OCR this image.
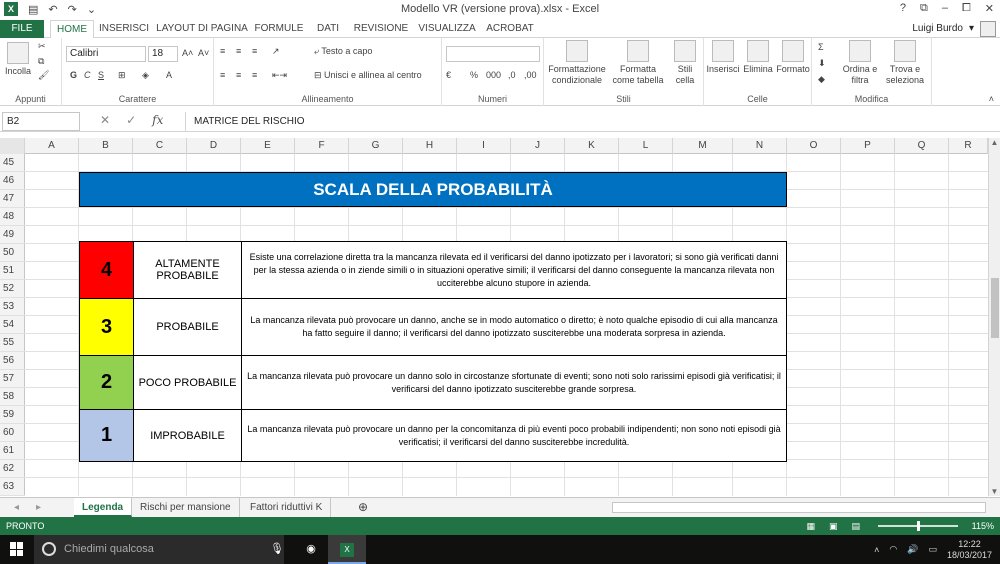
X	▤ ↶ ↷ ⌄	Modello VR (versione prova).xlsx - Excel	? ⧉ – ⧠ ✕
FILE	HOME	INSERISCI LAYOUT DI PAGINA FORMULE	DATI	REVISIONE	VISUALIZZA ACROBAT	Luigi Burdo ▾
Incolla
✂
⧉
🖌
Appunti
Calibri	18	A˄ A˅
G C S ⊞ ◈ A
Carattere
≡ ≡ ≡ ↗	⤶ Testo a capo
≡ ≡ ≡ ⇤⇥	⊟ Unisci e allinea al centro
Allineamento
€ % 000 ,0 ,00
Numeri
Formattazione condizionale
Formatta come tabella
Stili cella
Stili
Inserisci Elimina Formato
Celle
Σ
⬇
◆
Ordina e filtra
Trova e seleziona
Modifica	˄
B2	✕ ✓ fx	MATRICE DEL RISCHIO
A	B	C	D	E	F	G	H	I	J	K	L	M	N	O	P	Q	R
45
46
47
48
49
50
51
52
53
54
55
56
57
58
59
60
61
62
63
SCALA DELLA PROBABILITÀ
4	ALTAMENTE PROBABILE
Esiste una correlazione diretta tra la mancanza rilevata ed il verificarsi del danno ipotizzato per i lavoratori; si sono già verificati danni per la stessa azienda o in ziende simili o in situazioni operative simili; il verificarsi del danno conseguente la mancanza rilevata non ucciterebbe alcuno stupore in azienda.
3	PROBABILE
La mancanza rilevata può provocare un danno, anche se in modo automatico o diretto; è noto qualche episodio di cui alla mancanza ha fatto seguire il danno; il verificarsi del danno ipotizzato susciterebbe una moderata sorpresa in azienda.
2	POCO PROBABILE
La mancanza rilevata può provocare un danno solo in circostanze sfortunate di eventi; sono noti solo rarissimi episodi già verificatisi; il verificarsi del danno ipotizzato susciterebbe grande sorpresa.
1	IMPROBABILE
La mancanza rilevata può provocare un danno per la concomitanza di più eventi poco probabili indipendenti; non sono noti episodi già verificatisi; il verificarsi del danno susciterebbe incredulità.
▲
▼
◂	▸	Legenda	Rischi per mansione	Fattori riduttivi K	⊕
PRONTO	▦ ▣ ▤	115%
Chiedimi qualcosa	🎙	◉	X	˄ ◠ 🔊 ▭
12:22
18/03/2017
